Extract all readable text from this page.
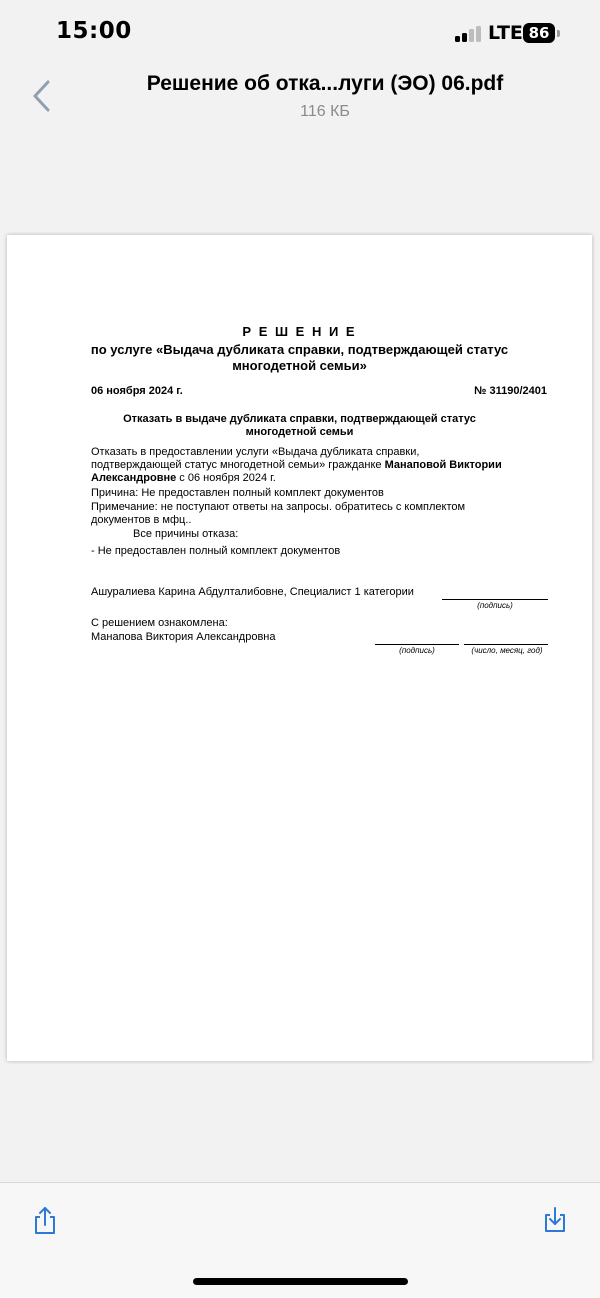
15:00	LTE 86
Решение об отка...луги (ЭО) 06.pdf
116 КБ
Р Е Ш Е Н И Е
по услуге «Выдача дубликата справки, подтверждающей статус
многодетной семьи»
06 ноября 2024 г.	№ 31190/2401
Отказать в выдаче дубликата справки, подтверждающей статус
многодетной семьи
Отказать в предоставлении услуги «Выдача дубликата справки,
подтверждающей статус многодетной семьи» гражданке Манаповой Виктории
Александровне с 06 ноября 2024 г.
Причина: Не предоставлен полный комплект документов
Примечание: не поступают ответы на запросы. обратитесь с комплектом
документов в мфц..
Все причины отказа:
- Не предоставлен полный комплект документов
Ашуралиева Карина Абдулталибовне, Специалист 1 категории
(подпись)
С решением ознакомлена:
Манапова Виктория Александровна
(подпись)	(число, месяц, год)
